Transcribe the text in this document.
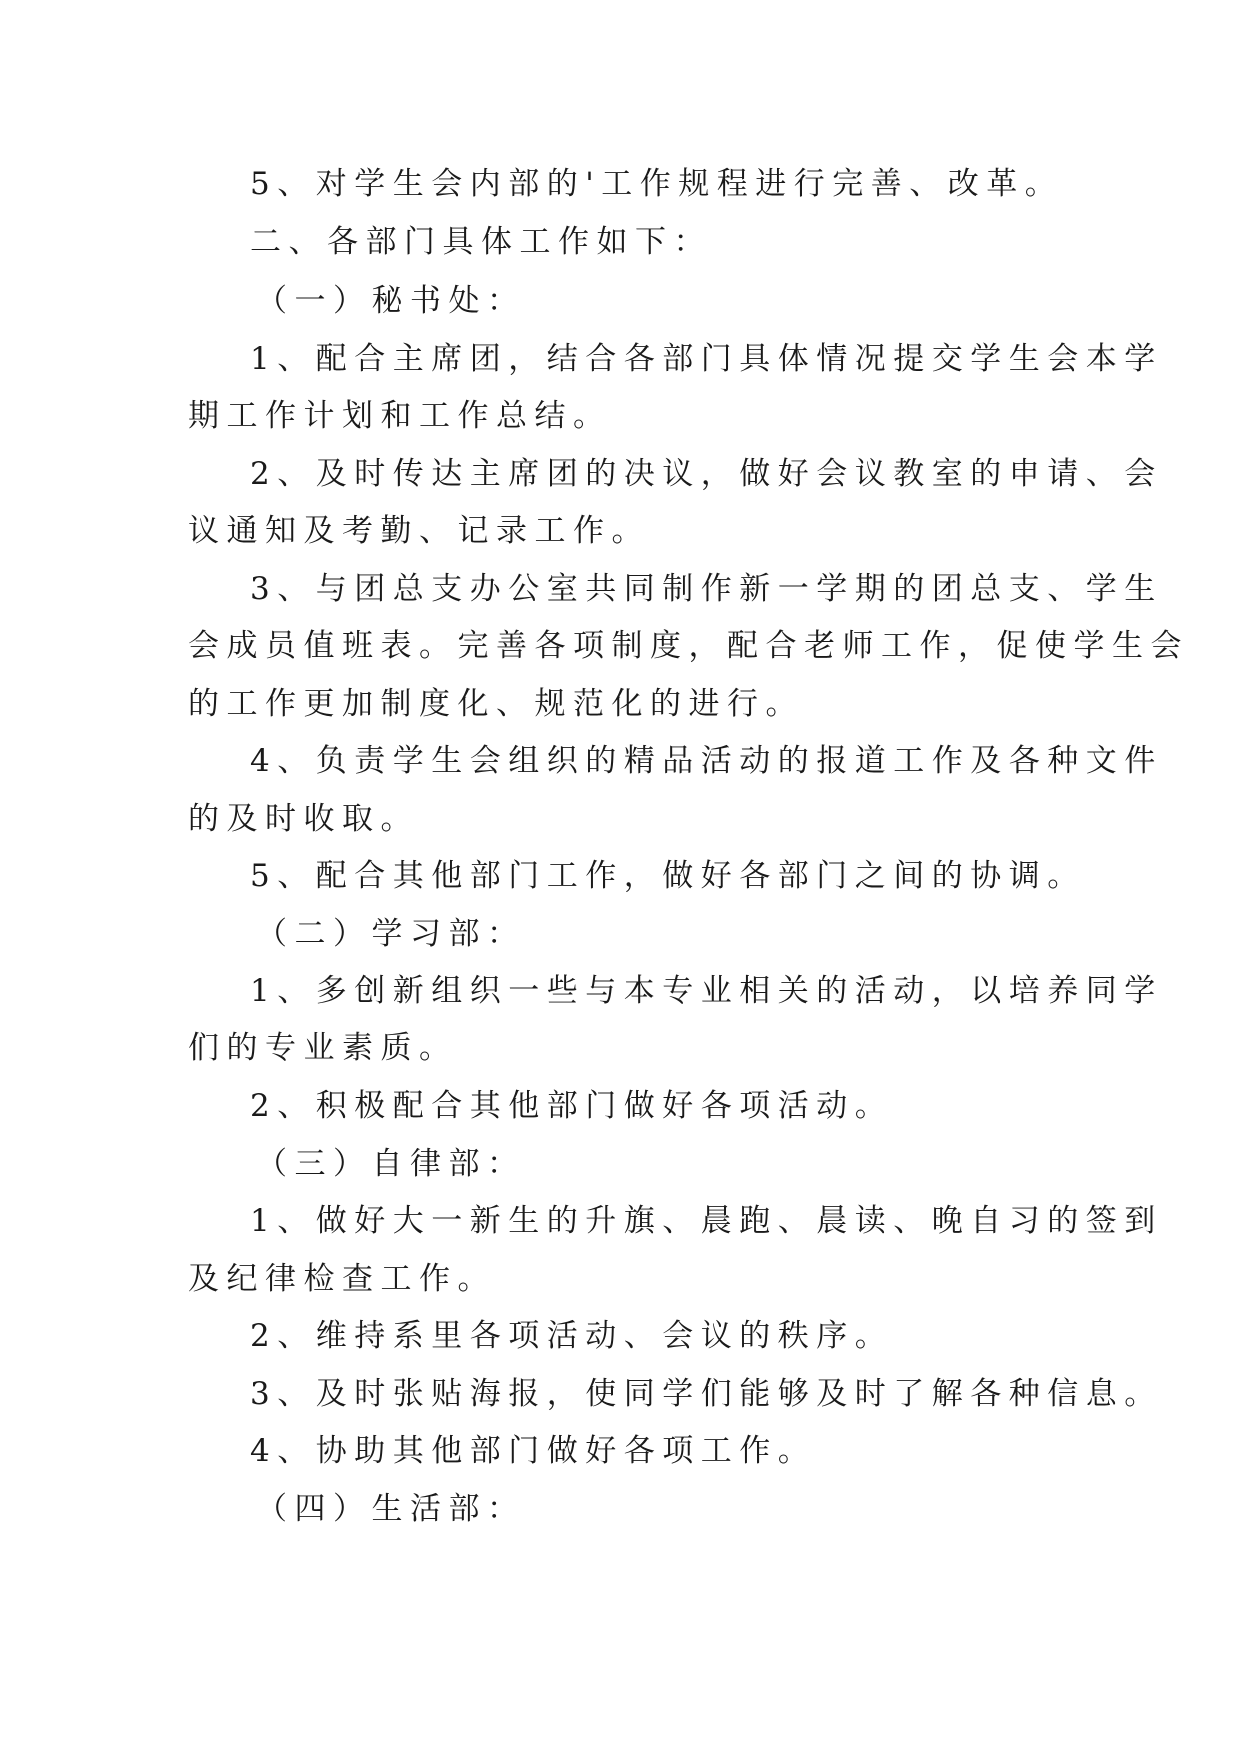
5、对学生会内部的'工作规程进行完善、改革。
二、各部门具体工作如下：
（一）秘书处：
1、配合主席团，结合各部门具体情况提交学生会本学
期工作计划和工作总结。
2、及时传达主席团的决议，做好会议教室的申请、会
议通知及考勤、记录工作。
3、与团总支办公室共同制作新一学期的团总支、学生
会成员值班表。完善各项制度，配合老师工作，促使学生会
的工作更加制度化、规范化的进行。
4、负责学生会组织的精品活动的报道工作及各种文件
的及时收取。
5、配合其他部门工作，做好各部门之间的协调。
（二）学习部：
1、多创新组织一些与本专业相关的活动，以培养同学
们的专业素质。
2、积极配合其他部门做好各项活动。
（三）自律部：
1、做好大一新生的升旗、晨跑、晨读、晚自习的签到
及纪律检查工作。
2、维持系里各项活动、会议的秩序。
3、及时张贴海报，使同学们能够及时了解各种信息。
4、协助其他部门做好各项工作。
（四）生活部：
